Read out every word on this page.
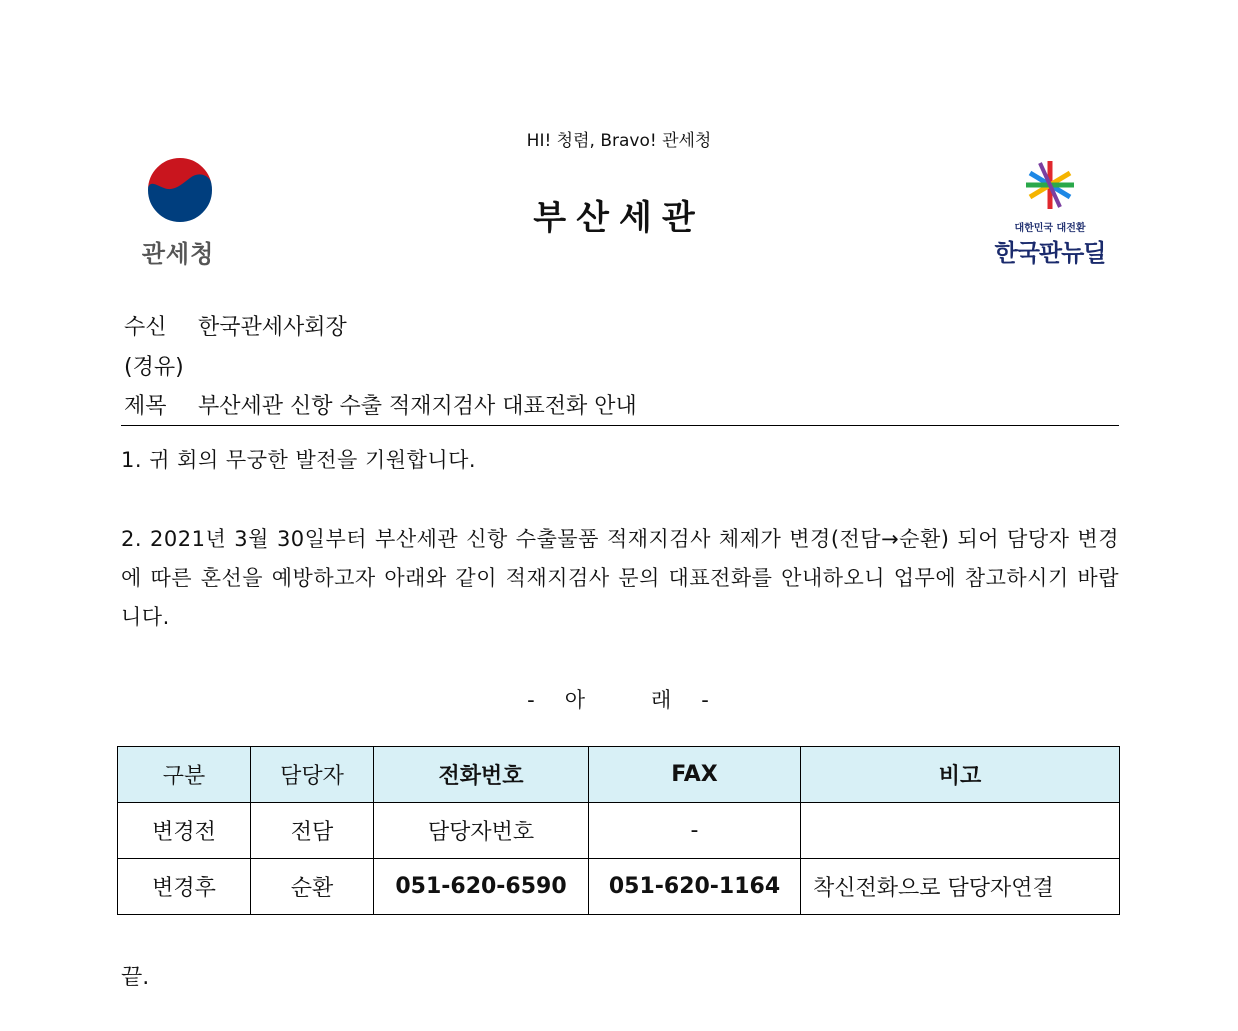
HI! 청렴, Bravo! 관세청
부산세관
관세청
대한민국 대전환
한국판뉴딜
수신 한국관세사회장
(경유)
제목 부산세관 신항 수출 적재지검사 대표전화 안내
1. 귀 회의 무궁한 발전을 기원합니다.
2. 2021년 3월 30일부터 부산세관 신항 수출물품 적재지검사 체제가 변경(전담→순환) 되어 담당자 변경에 따른 혼선을 예방하고자 아래와 같이 적재지검사 문의 대표전화를 안내하오니 업무에 참고하시기 바랍니다.
- 아	래 -
구분	담당자	전화번호	FAX	비고
변경전	전담	담당자번호	-	
변경후	순환	051-620-6590	051-620-1164	착신전화으로 담당자연결
끝.
